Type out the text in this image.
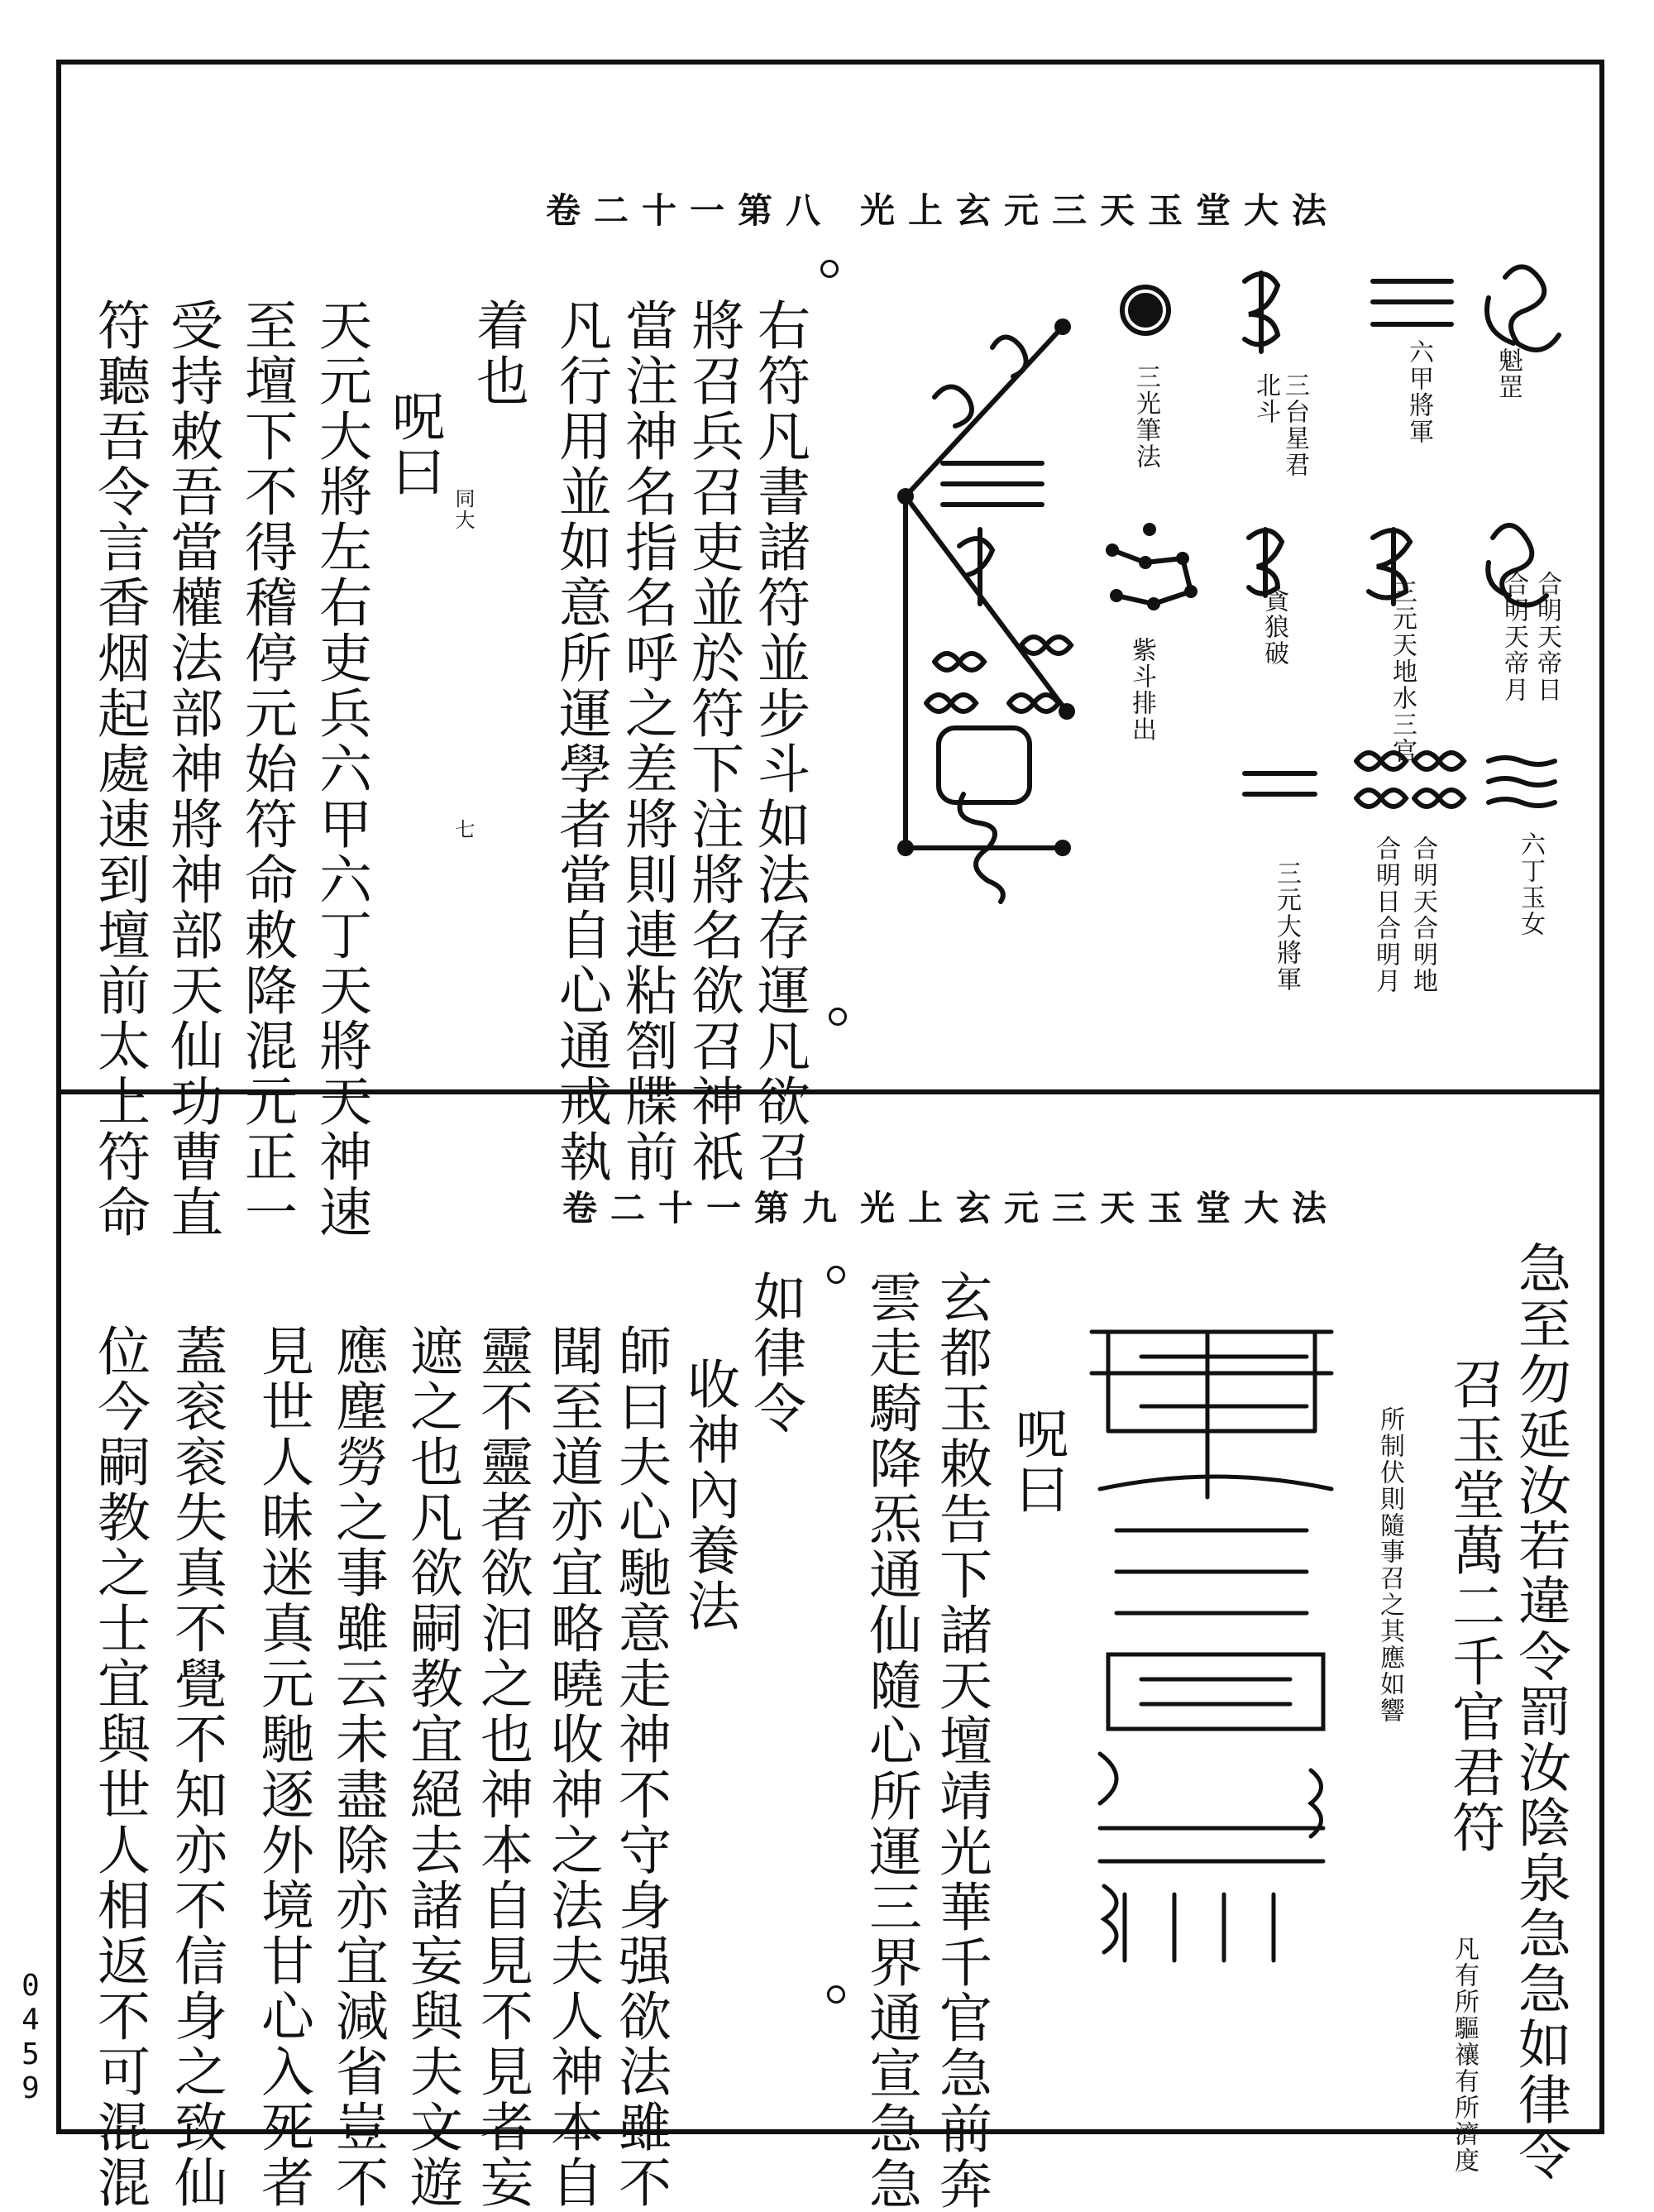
光上玄元三天玉堂大法
卷二十一第八
魁罡
六甲將軍
三台星君
北斗
三光筆法
合明天帝日
合明天帝月
三元天地水三官
貪狼破
紫斗排出
六丁玉女
合明天合明地
合明日合明月
三元大將軍
右符凡書諸符並步斗如法存運凡欲召
將召兵召吏並於符下注將名欲召神祇
當注神名指名呼之差將則連粘劄牒前
凡行用並如意所運學者當自心通戒執
着也
同大
七
呪曰
天元大將左右吏兵六甲六丁天將天神速
至壇下不得稽停元始符命敕降混元正一
受持敕吾當權法部神將神部天仙功曹直
符聽吾令言香烟起處速到壇前太上符命	光上玄元三天玉堂大法
卷二十一第九
急至勿延汝若違令罰汝陰泉急急如律令
召玉堂萬二千官君符
凡有所驅禳有所濟度
所制伏則隨事召之其應如響
呪曰
玄都玉敕告下諸天壇靖光華千官急前奔
雲走騎降炁通仙隨心所運三界通宣急急
如律令
收神內養法
師曰夫心馳意走神不守身强欲法雖不
聞至道亦宜略曉收神之法夫人神本自
靈不靈者欲汩之也神本自見不見者妄
遮之也凡欲嗣教宜絕去諸妄與夫文遊
應塵勞之事雖云未盡除亦宜減省豈不
見世人昧迷真元馳逐外境甘心入死者
蓋衮衮失真不覺不知亦不信身之致仙
位今嗣教之士宜與世人相返不可混混
0459
